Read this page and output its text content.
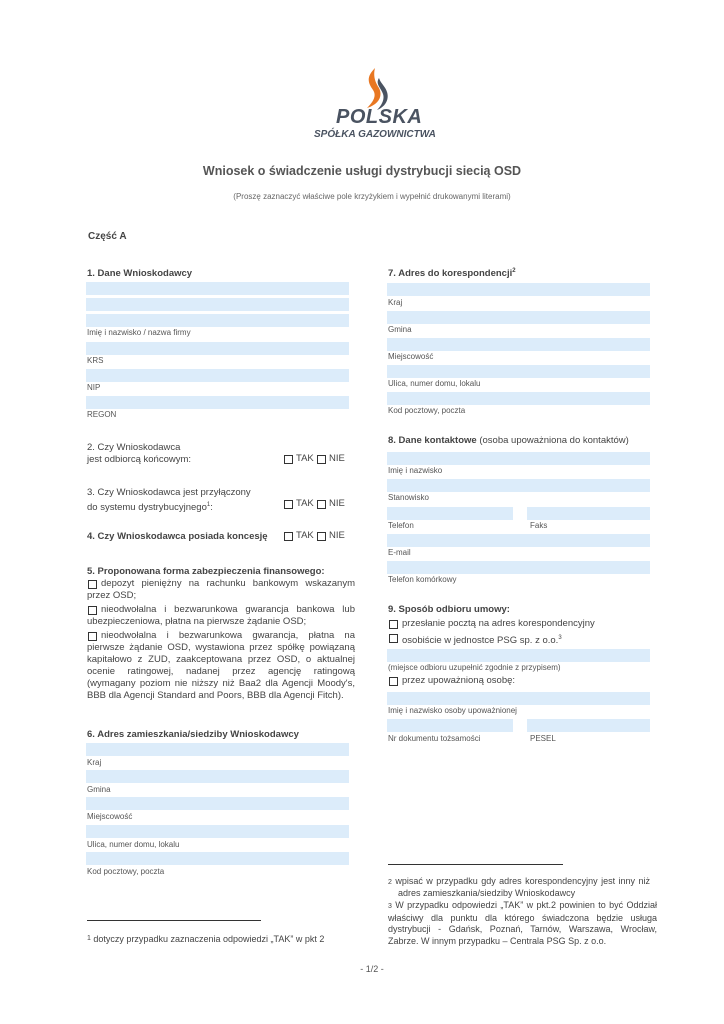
POLSKA
SPÓŁKA GAZOWNICTWA
Wniosek o świadczenie usługi dystrybucji siecią OSD
(Proszę zaznaczyć właściwe pole krzyżykiem i wypełnić drukowanymi literami)
Część A
1. Dane Wnioskodawcy
Imię i nazwisko / nazwa firmy
KRS
NIP
REGON
2. Czy Wnioskodawca
jest odbiorcą końcowym:	TAK NIE
3. Czy Wnioskodawca jest przyłączony
do systemu dystrybucyjnego$^1$:	TAK NIE
4. Czy Wnioskodawca posiada koncesję	TAK NIE
5. Proponowana forma zabezpieczenia finansowego:
depozyt pieniężny na rachunku bankowym wskazanym przez OSD;
nieodwołalna i bezwarunkowa gwarancja bankowa lub ubezpieczeniowa, płatna na pierwsze żądanie OSD;
nieodwołalna i bezwarunkowa gwarancja, płatna na pierwsze żądanie OSD, wystawiona przez spółkę powiązaną kapitałowo z ZUD, zaakceptowana przez OSD, o aktualnej ocenie ratingowej, nadanej przez agencję ratingową (wymagany poziom nie niższy niż Baa2 dla Agencji Moody's, BBB dla Agencji Standard and Poors, BBB dla Agencji Fitch).
6. Adres zamieszkania/siedziby Wnioskodawcy
Kraj
Gmina
Miejscowość
Ulica, numer domu, lokalu
Kod pocztowy, poczta
$^1$ dotyczy przypadku zaznaczenia odpowiedzi „TAK” w pkt 2
7. Adres do korespondencji$^2$
Kraj
Gmina
Miejscowość
Ulica, numer domu, lokalu
Kod pocztowy, poczta
8. Dane kontaktowe (osoba upoważniona do kontaktów)
Imię i nazwisko
Stanowisko
Telefon	Faks
E-mail
Telefon komórkowy
9. Sposób odbioru umowy:
przesłanie pocztą na adres korespondencyjny
osobiście w jednostce PSG sp. z o.o.$^3$
(miejsce odbioru uzupełnić zgodnie z przypisem)
przez upoważnioną osobę:
Imię i nazwisko osoby upoważnionej
Nr dokumentu tożsamości	PESEL
2 wpisać w przypadku gdy adres korespondencyjny jest inny niż adres zamieszkania/siedziby Wnioskodawcy
3 W przypadku odpowiedzi „TAK” w pkt.2 powinien to być Oddział właściwy dla punktu dla którego świadczona będzie usługa dystrybucji - Gdańsk, Poznań, Tarnów, Warszawa, Wrocław, Zabrze. W innym przypadku – Centrala PSG Sp. z o.o.
- 1/2 -
